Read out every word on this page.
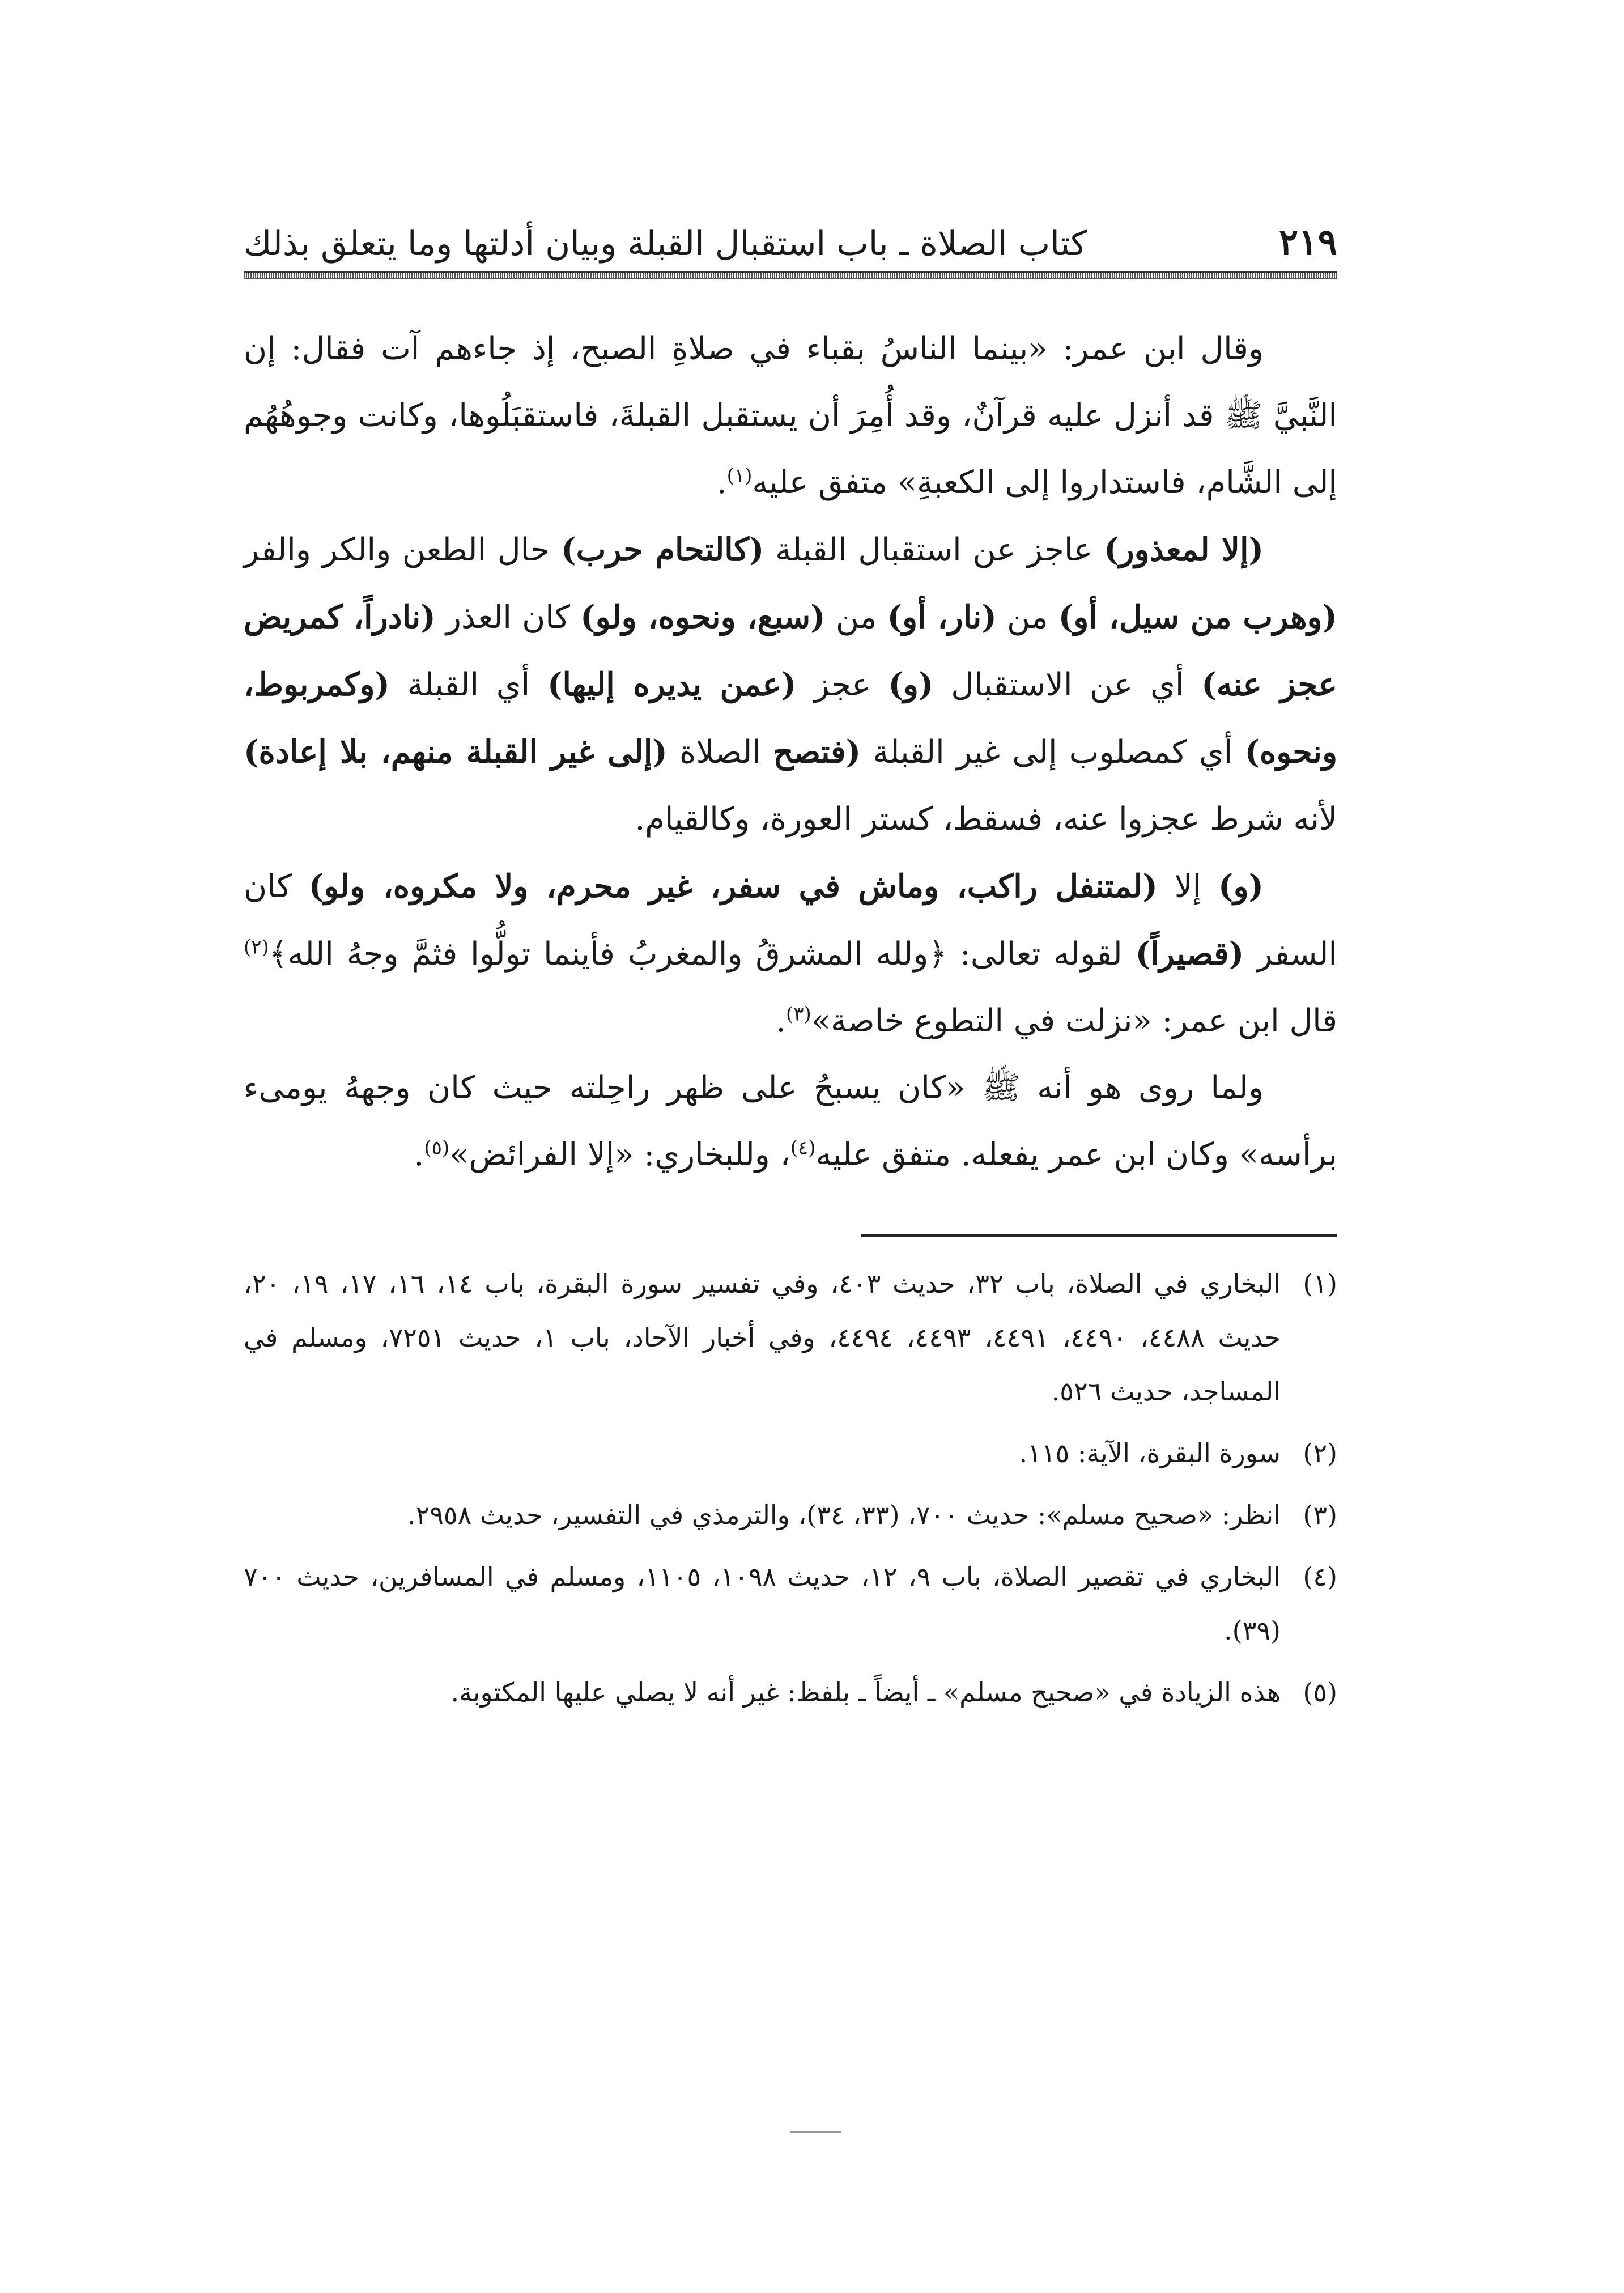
٢١٩
كتاب الصلاة ـ باب استقبال القبلة وبيان أدلتها وما يتعلق بذلك

وقال ابن عمر: «بينما الناسُ بقباء في صلاةِ الصبح، إذ جاءهم آت فقال: إن النَّبيَّ ﷺ قد أنزل عليه قرآنٌ، وقد أُمِرَ أن يستقبل القبلةَ، فاستقبَلُوها، وكانت وجوهُهُم إلى الشَّام، فاستداروا إلى الكعبةِ» متفق عليه$^{(١)}$.

(إلا لمعذور) عاجز عن استقبال القبلة (كالتحام حرب) حال الطعن والكر والفر (وهرب من سيل، أو) من (نار، أو) من (سبع، ونحوه، ولو) كان العذر (نادراً، كمريض عجز عنه) أي عن الاستقبال (و) عجز (عمن يديره إليها) أي القبلة (وكمربوط، ونحوه) أي كمصلوب إلى غير القبلة (فتصح الصلاة (إلى غير القبلة منهم، بلا إعادة) لأنه شرط عجزوا عنه، فسقط، كستر العورة، وكالقيام.

(و) إلا (لمتنفل راكب، وماش في سفر، غير محرم، ولا مكروه، ولو) كان السفر (قصيراً) لقوله تعالى: ﴿ولله المشرقُ والمغربُ فأينما تولُّوا فثمَّ وجهُ الله﴾$^{(٢)}$ قال ابن عمر: «نزلت في التطوع خاصة»$^{(٣)}$.

ولما روى هو أنه ﷺ «كان يسبحُ على ظهر راحِلته حيث كان وجههُ يومىء برأسه» وكان ابن عمر يفعله. متفق عليه$^{(٤)}$، وللبخاري: «إلا الفرائض»$^{(٥)}$.

(١)
البخاري في الصلاة، باب ٣٢، حديث ٤٠٣، وفي تفسير سورة البقرة، باب ١٤، ١٦، ١٧، ١٩، ٢٠، حديث ٤٤٨٨، ٤٤٩٠، ٤٤٩١، ٤٤٩٣، ٤٤٩٤، وفي أخبار الآحاد، باب ١، حديث ٧٢٥١، ومسلم في المساجد، حديث ٥٢٦.
(٢)
سورة البقرة، الآية: ١١٥.
(٣)
انظر: «صحيح مسلم»: حديث ٧٠٠، (٣٣، ٣٤)، والترمذي في التفسير، حديث ٢٩٥٨.
(٤)
البخاري في تقصير الصلاة، باب ٩، ١٢، حديث ١٠٩٨، ١١٠٥، ومسلم في المسافرين، حديث ٧٠٠ (٣٩).
(٥)
هذه الزيادة في «صحيح مسلم» ـ أيضاً ـ بلفظ: غير أنه لا يصلي عليها المكتوبة.
